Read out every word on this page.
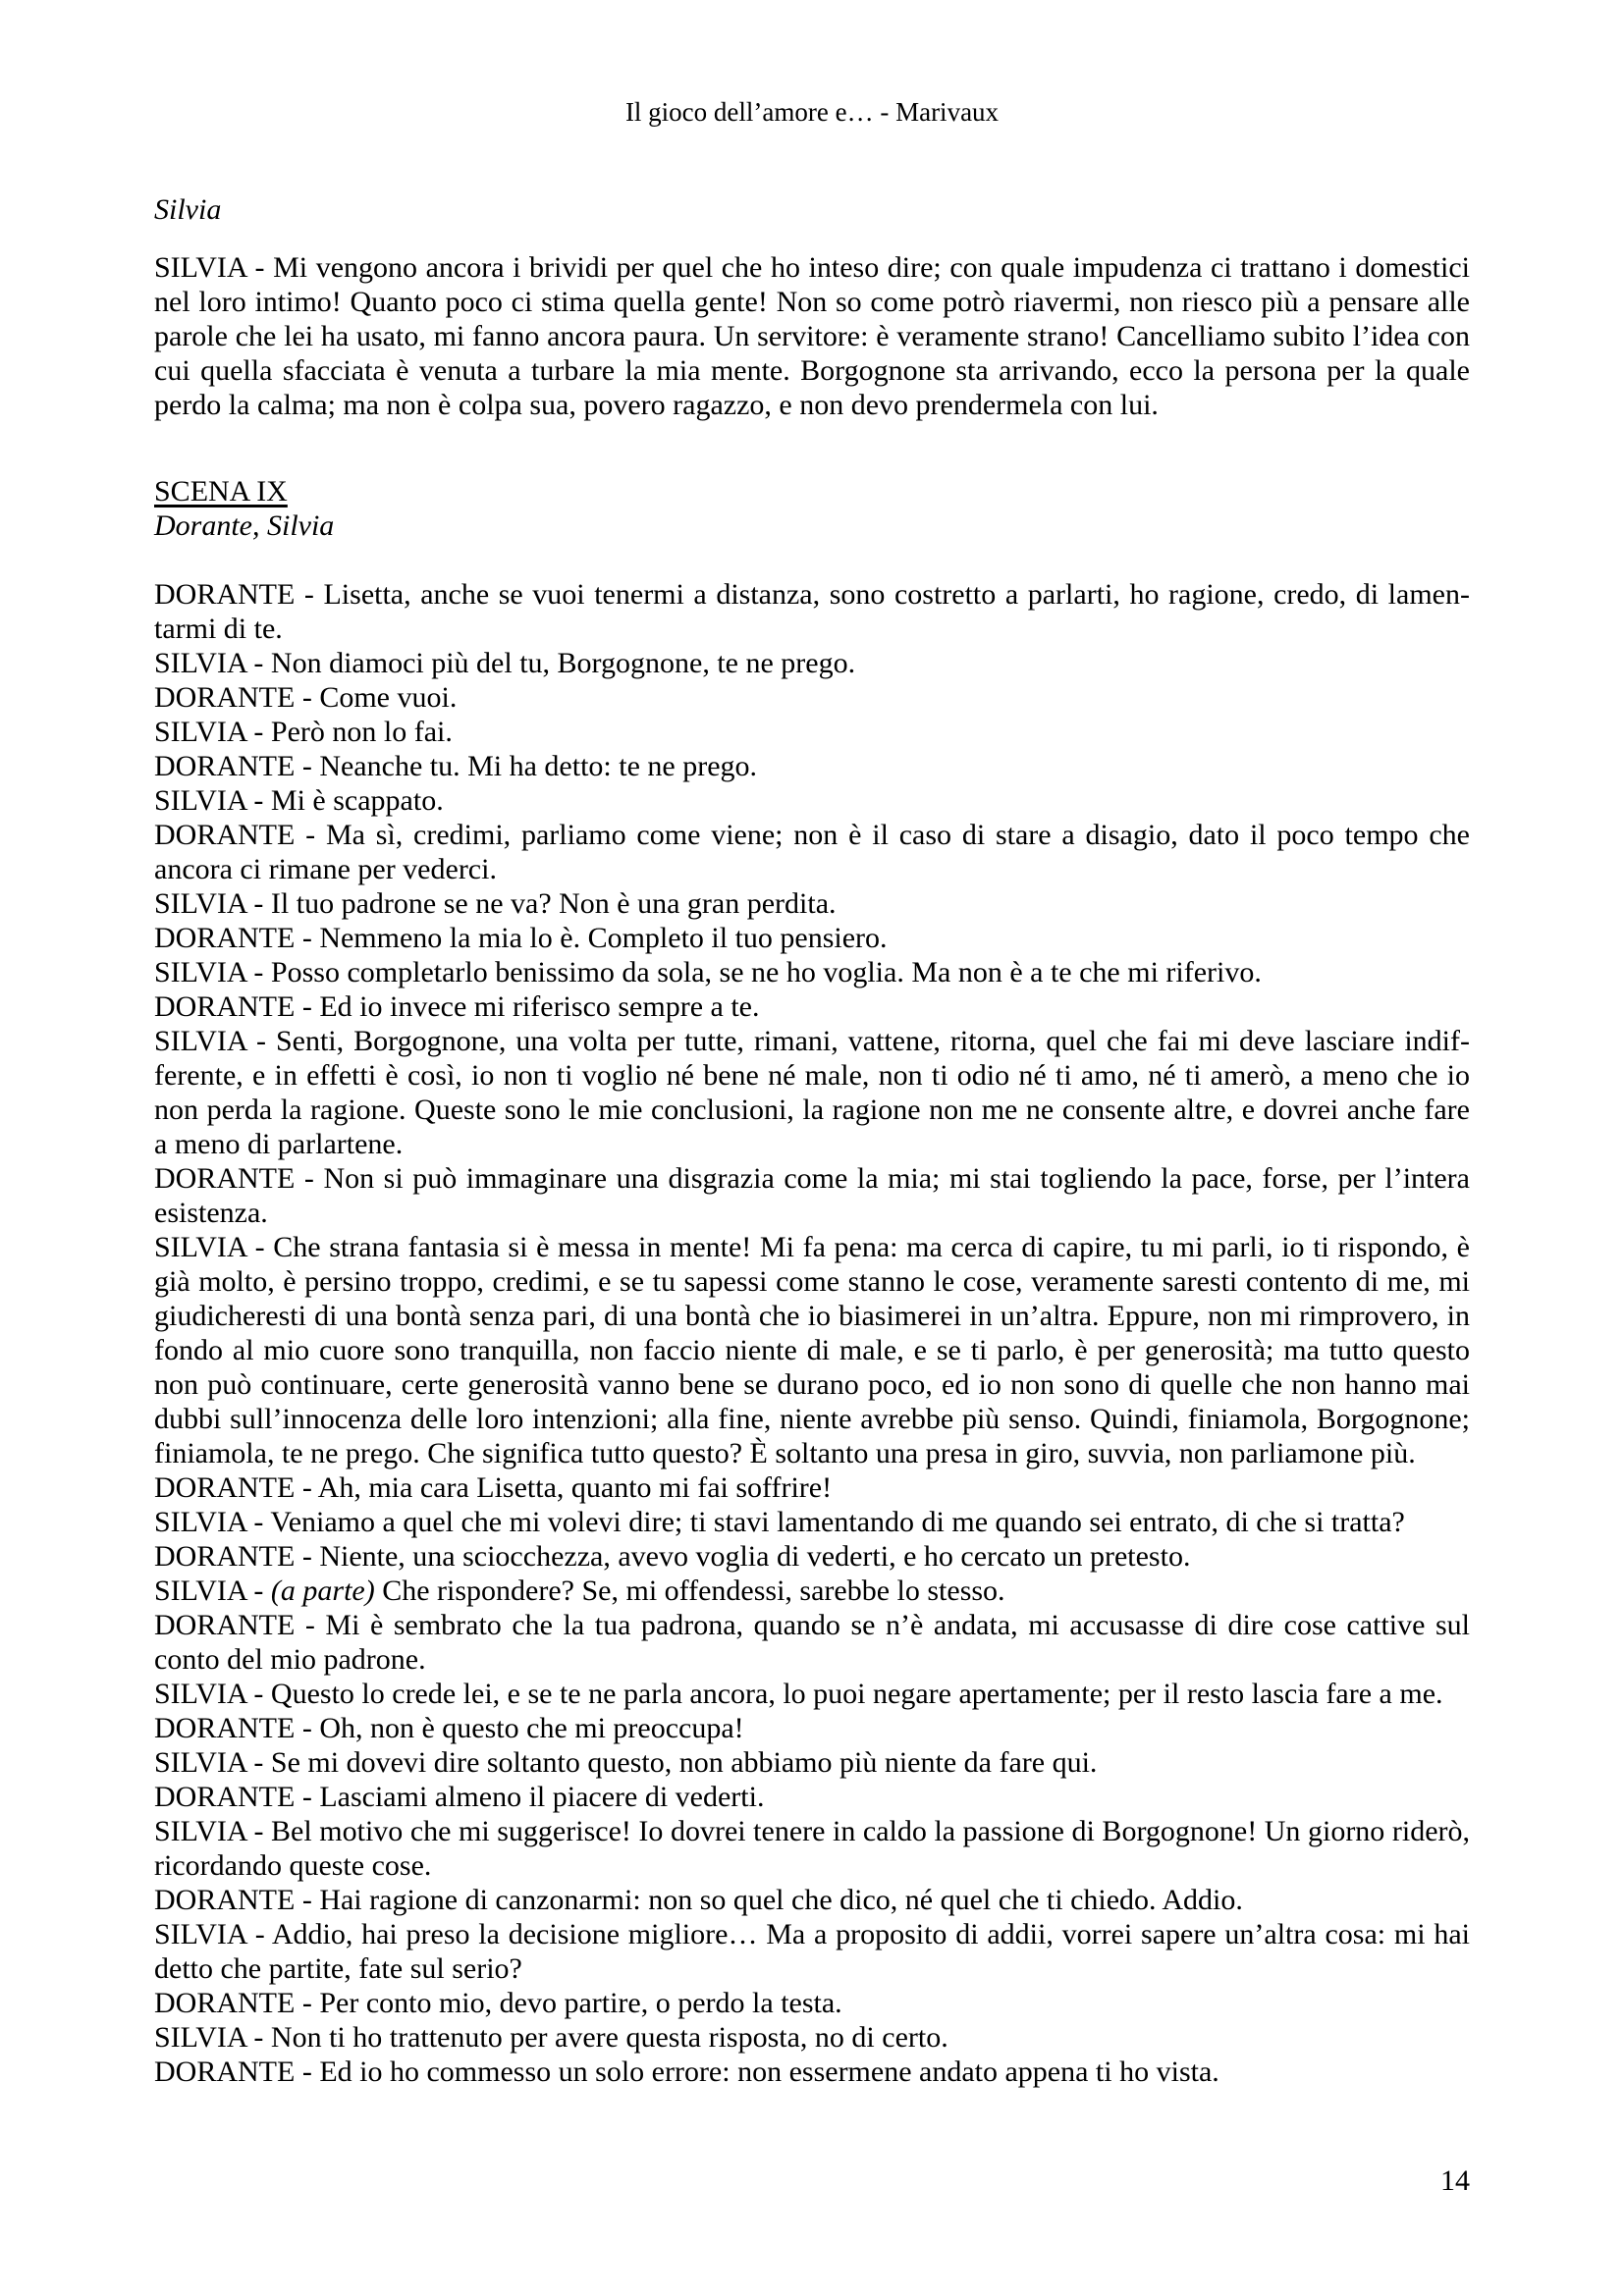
Il gioco dell’amore e… - Marivaux

Silvia

SILVIA - Mi vengono ancora i brividi per quel che ho inteso dire; con quale impudenza ci trattano i domestici nel loro intimo! Quanto poco ci stima quella gente! Non so come potrò riavermi, non riesco più a pensare alle parole che lei ha usato, mi fanno ancora paura. Un servitore: è veramente strano! Cancelliamo subito l’idea con cui quella sfacciata è venuta a turbare la mia mente. Borgognone sta arrivando, ecco la persona per la quale perdo la calma; ma non è colpa sua, povero ragazzo, e non devo prendermela con lui.

SCENA IX

Dorante, Silvia

DORANTE - Lisetta, anche se vuoi tenermi a distanza, sono costretto a parlarti, ho ragione, credo, di lamentarmi di te.

SILVIA - Non diamoci più del tu, Borgognone, te ne prego.

DORANTE - Come vuoi.

SILVIA - Però non lo fai.

DORANTE - Neanche tu. Mi ha detto: te ne prego.

SILVIA - Mi è scappato.

DORANTE - Ma sì, credimi, parliamo come viene; non è il caso di stare a disagio, dato il poco tempo che ancora ci rimane per vederci.

SILVIA - Il tuo padrone se ne va? Non è una gran perdita.

DORANTE - Nemmeno la mia lo è. Completo il tuo pensiero.

SILVIA - Posso completarlo benissimo da sola, se ne ho voglia. Ma non è a te che mi riferivo.

DORANTE - Ed io invece mi riferisco sempre a te.

SILVIA - Senti, Borgognone, una volta per tutte, rimani, vattene, ritorna, quel che fai mi deve lasciare indifferente, e in effetti è così, io non ti voglio né bene né male, non ti odio né ti amo, né ti amerò, a meno che io non perda la ragione. Queste sono le mie conclusioni, la ragione non me ne consente altre, e dovrei anche fare a meno di parlartene.

DORANTE - Non si può immaginare una disgrazia come la mia; mi stai togliendo la pace, forse, per l’intera esistenza.

SILVIA - Che strana fantasia si è messa in mente! Mi fa pena: ma cerca di capire, tu mi parli, io ti rispondo, è già molto, è persino troppo, credimi, e se tu sapessi come stanno le cose, veramente saresti contento di me, mi giudicheresti di una bontà senza pari, di una bontà che io biasimerei in un’altra. Eppure, non mi rimprovero, in fondo al mio cuore sono tranquilla, non faccio niente di male, e se ti parlo, è per generosità; ma tutto questo non può continuare, certe generosità vanno bene se durano poco, ed io non sono di quelle che non hanno mai dubbi sull’innocenza delle loro intenzioni; alla fine, niente avrebbe più senso. Quindi, finiamola, Borgognone; finiamola, te ne prego. Che significa tutto questo? È soltanto una presa in giro, suvvia, non parliamone più.

DORANTE - Ah, mia cara Lisetta, quanto mi fai soffrire!

SILVIA - Veniamo a quel che mi volevi dire; ti stavi lamentando di me quando sei entrato, di che si tratta?

DORANTE - Niente, una sciocchezza, avevo voglia di vederti, e ho cercato un pretesto.

SILVIA - (a parte) Che rispondere? Se, mi offendessi, sarebbe lo stesso.

DORANTE - Mi è sembrato che la tua padrona, quando se n’è andata, mi accusasse di dire cose cattive sul conto del mio padrone.

SILVIA - Questo lo crede lei, e se te ne parla ancora, lo puoi negare apertamente; per il resto lascia fare a me.

DORANTE - Oh, non è questo che mi preoccupa!

SILVIA - Se mi dovevi dire soltanto questo, non abbiamo più niente da fare qui.

DORANTE - Lasciami almeno il piacere di vederti.

SILVIA - Bel motivo che mi suggerisce! Io dovrei tenere in caldo la passione di Borgognone! Un giorno riderò, ricordando queste cose.

DORANTE - Hai ragione di canzonarmi: non so quel che dico, né quel che ti chiedo. Addio.

SILVIA - Addio, hai preso la decisione migliore… Ma a proposito di addii, vorrei sapere un’altra cosa: mi hai detto che partite, fate sul serio?

DORANTE - Per conto mio, devo partire, o perdo la testa.

SILVIA - Non ti ho trattenuto per avere questa risposta, no di certo.

DORANTE - Ed io ho commesso un solo errore: non essermene andato appena ti ho vista.

14
